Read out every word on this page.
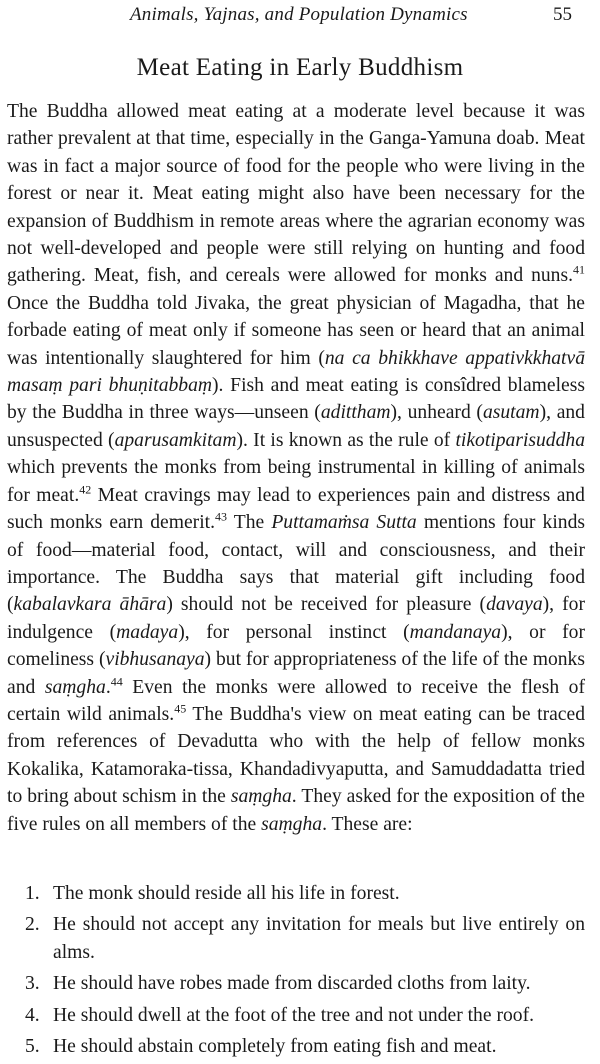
Animals, Yajnas, and Population Dynamics	55
Meat Eating in Early Buddhism

The Buddha allowed meat eating at a moderate level because it was rather prevalent at that time, especially in the Ganga-Yamuna doab. Meat was in fact a major source of food for the people who were living in the forest or near it. Meat eating might also have been necessary for the expansion of Buddhism in remote areas where the agrarian economy was not well-developed and people were still relying on hunting and food gathering. Meat, fish, and cereals were allowed for monks and nuns.$^{41}$ Once the Buddha told Jivaka, the great physician of Magadha, that he forbade eating of meat only if someone has seen or heard that an animal was intentionally slaughtered for him (na ca bhikkhave appativkkhatvā masaṃ pari bhuṇitabbaṃ). Fish and meat eating is consîdred blameless by the Buddha in three ways—unseen (adittham), unheard (asutam), and unsuspected (aparusamkitam). It is known as the rule of tikotiparisuddha which prevents the monks from being instrumental in killing of animals for meat.$^{42}$ Meat cravings may lead to experiences pain and distress and such monks earn demerit.$^{43}$ The Puttamaṁsa Sutta mentions four kinds of food—material food, contact, will and consciousness, and their importance. The Buddha says that material gift including food (kabalavkara āhāra) should not be received for pleasure (davaya), for indulgence (madaya), for personal instinct (mandanaya), or for comeliness (vibhusanaya) but for appropriateness of the life of the monks and saṃgha.$^{44}$ Even the monks were allowed to receive the flesh of certain wild animals.$^{45}$ The Buddha's view on meat eating can be traced from references of Devadutta who with the help of fellow monks Kokalika, Katamoraka-tissa, Khandadivyaputta, and Samuddadatta tried to bring about schism in the saṃgha. They asked for the exposition of the five rules on all members of the saṃgha. These are:

1. The monk should reside all his life in forest.
2. He should not accept any invitation for meals but live entirely on alms.
3. He should have robes made from discarded cloths from laity.
4. He should dwell at the foot of the tree and not under the roof.
5. He should abstain completely from eating fish and meat.
